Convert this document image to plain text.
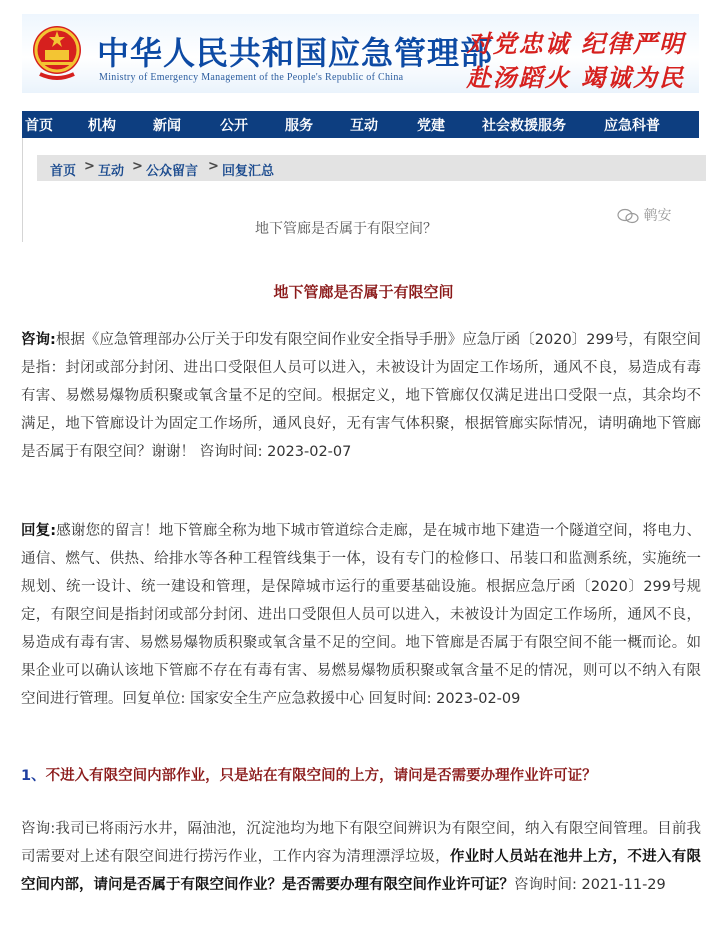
中华人民共和国应急管理部
Ministry of Emergency Management of the People's Republic of China
对党忠诚 纪律严明
赴汤蹈火 竭诚为民
首页	机构	新闻	公开	服务	互动	党建	社会救援服务	应急科普
首页 > 互动 > 公众留言 > 回复汇总
地下管廊是否属于有限空间？
鹌安
地下管廊是否属于有限空间
咨询:根据《应急管理部办公厅关于印发有限空间作业安全指导手册》应急厅函〔2020〕299号，有限空间是指：封闭或部分封闭、进出口受限但人员可以进入，未被设计为固定工作场所，通风不良，易造成有毒有害、易燃易爆物质积聚或氧含量不足的空间。根据定义，地下管廊仅仅满足进出口受限一点，其余均不满足，地下管廊设计为固定工作场所，通风良好，无有害气体积聚，根据管廊实际情况，请明确地下管廊是否属于有限空间？谢谢！ 咨询时间: 2023-02-07
回复:感谢您的留言！地下管廊全称为地下城市管道综合走廊，是在城市地下建造一个隧道空间，将电力、通信、燃气、供热、给排水等各种工程管线集于一体，设有专门的检修口、吊装口和监测系统，实施统一规划、统一设计、统一建设和管理，是保障城市运行的重要基础设施。根据应急厅函〔2020〕299号规定，有限空间是指封闭或部分封闭、进出口受限但人员可以进入，未被设计为固定工作场所，通风不良，易造成有毒有害、易燃易爆物质积聚或氧含量不足的空间。地下管廊是否属于有限空间不能一概而论。如果企业可以确认该地下管廊不存在有毒有害、易燃易爆物质积聚或氧含量不足的情况，则可以不纳入有限空间进行管理。回复单位: 国家安全生产应急救援中心 回复时间: 2023-02-09
1、不进入有限空间内部作业，只是站在有限空间的上方，请问是否需要办理作业许可证？
咨询:我司已将雨污水井，隔油池，沉淀池均为地下有限空间辨识为有限空间，纳入有限空间管理。目前我司需要对上述有限空间进行捞污作业，工作内容为清理漂浮垃圾，作业时人员站在池井上方，不进入有限空间内部，请问是否属于有限空间作业？是否需要办理有限空间作业许可证？咨询时间: 2021-11-29
